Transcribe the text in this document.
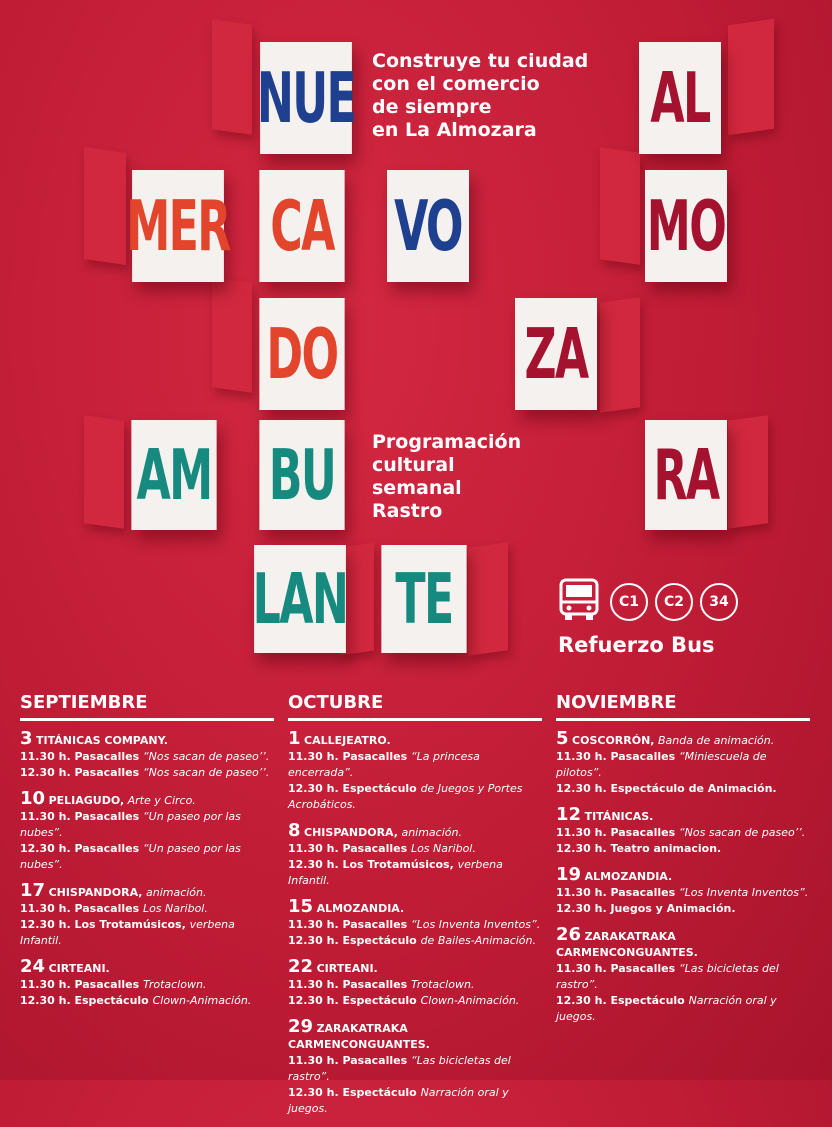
NUE	AL
MER CA VO	MO
DO	ZA
AM BU	RA
LAN TE
Construye tu ciudad
con el comercio
de siempre
en La Almozara
Programación
cultural
semanal
Rastro
C1	C2	34
Refuerzo Bus
SEPTIEMBRE
3 TITÁNICAS COMPANY.
11.30 h. Pasacalles “Nos sacan de paseo’’.
12.30 h. Pasacalles “Nos sacan de paseo’’.
10 PELIAGUDO, Arte y Circo.
11.30 h. Pasacalles “Un paseo por las nubes”.
12.30 h. Pasacalles “Un paseo por las nubes”.
17 CHISPANDORA, animación.
11.30 h. Pasacalles Los Naribol.
12.30 h. Los Trotamúsicos, verbena Infantil.
24 CIRTEANI.
11.30 h. Pasacalles Trotaclown.
12.30 h. Espectáculo Clown-Animación.
OCTUBRE
1 CALLEJEATRO.
11.30 h. Pasacalles “La princesa encerrada”.
12.30 h. Espectáculo de Juegos y Portes Acrobáticos.
8 CHISPANDORA, animación.
11.30 h. Pasacalles Los Naribol.
12.30 h. Los Trotamúsicos, verbena Infantil.
15 ALMOZANDIA.
11.30 h. Pasacalles “Los Inventa Inventos”.
12.30 h. Espectáculo de Bailes-Animación.
22 CIRTEANI.
11.30 h. Pasacalles Trotaclown.
12.30 h. Espectáculo Clown-Animación.
29 ZARAKATRAKA CARMENCONGUANTES.
11.30 h. Pasacalles “Las bicicletas del rastro”.
12.30 h. Espectáculo Narración oral y juegos.
NOVIEMBRE
5 COSCORRÓN, Banda de animación.
11.30 h. Pasacalles “Miniescuela de pilotos”.
12.30 h. Espectáculo de Animación.
12 TITÁNICAS.
11.30 h. Pasacalles “Nos sacan de paseo’’.
12.30 h. Teatro animacion.
19 ALMOZANDIA.
11.30 h. Pasacalles “Los Inventa Inventos”.
12.30 h. Juegos y Animación.
26 ZARAKATRAKA CARMENCONGUANTES.
11.30 h. Pasacalles “Las bicicletas del rastro”.
12.30 h. Espectáculo Narración oral y juegos.
